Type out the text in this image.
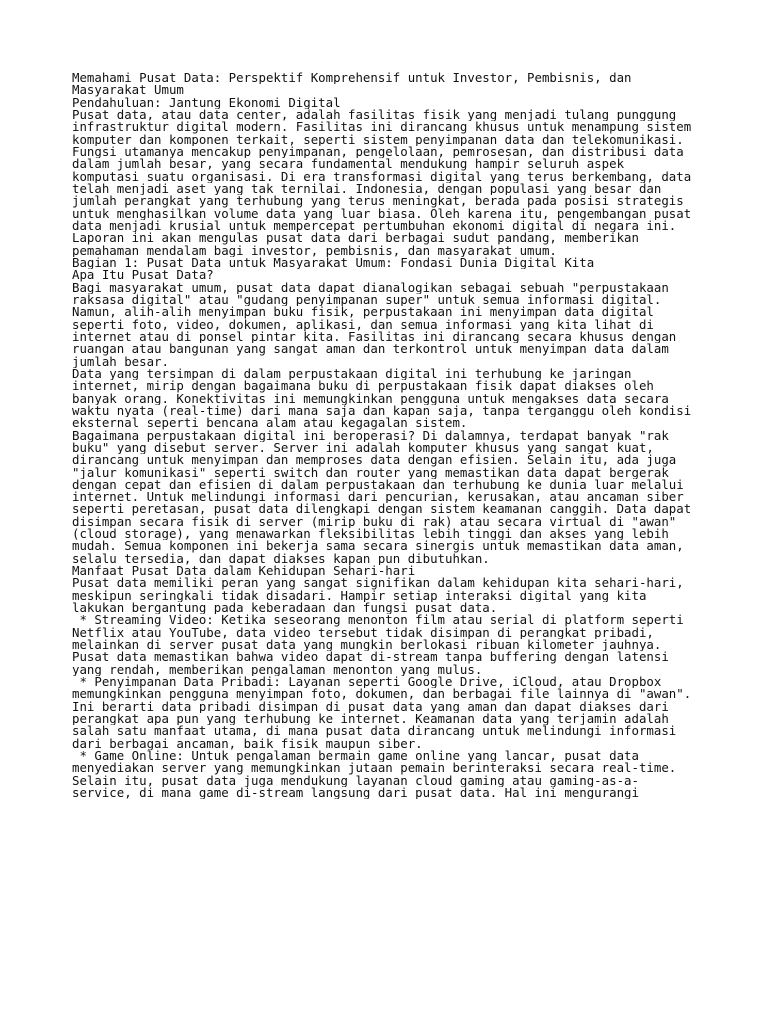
Memahami Pusat Data: Perspektif Komprehensif untuk Investor, Pembisnis, dan
Masyarakat Umum
Pendahuluan: Jantung Ekonomi Digital
Pusat data, atau data center, adalah fasilitas fisik yang menjadi tulang punggung
infrastruktur digital modern. Fasilitas ini dirancang khusus untuk menampung sistem
komputer dan komponen terkait, seperti sistem penyimpanan data dan telekomunikasi.
Fungsi utamanya mencakup penyimpanan, pengelolaan, pemrosesan, dan distribusi data
dalam jumlah besar, yang secara fundamental mendukung hampir seluruh aspek
komputasi suatu organisasi. Di era transformasi digital yang terus berkembang, data
telah menjadi aset yang tak ternilai. Indonesia, dengan populasi yang besar dan
jumlah perangkat yang terhubung yang terus meningkat, berada pada posisi strategis
untuk menghasilkan volume data yang luar biasa. Oleh karena itu, pengembangan pusat
data menjadi krusial untuk mempercepat pertumbuhan ekonomi digital di negara ini.
Laporan ini akan mengulas pusat data dari berbagai sudut pandang, memberikan
pemahaman mendalam bagi investor, pembisnis, dan masyarakat umum.
Bagian 1: Pusat Data untuk Masyarakat Umum: Fondasi Dunia Digital Kita
Apa Itu Pusat Data?
Bagi masyarakat umum, pusat data dapat dianalogikan sebagai sebuah "perpustakaan
raksasa digital" atau "gudang penyimpanan super" untuk semua informasi digital.
Namun, alih-alih menyimpan buku fisik, perpustakaan ini menyimpan data digital
seperti foto, video, dokumen, aplikasi, dan semua informasi yang kita lihat di
internet atau di ponsel pintar kita. Fasilitas ini dirancang secara khusus dengan
ruangan atau bangunan yang sangat aman dan terkontrol untuk menyimpan data dalam
jumlah besar.
Data yang tersimpan di dalam perpustakaan digital ini terhubung ke jaringan
internet, mirip dengan bagaimana buku di perpustakaan fisik dapat diakses oleh
banyak orang. Konektivitas ini memungkinkan pengguna untuk mengakses data secara
waktu nyata (real-time) dari mana saja dan kapan saja, tanpa terganggu oleh kondisi
eksternal seperti bencana alam atau kegagalan sistem.
Bagaimana perpustakaan digital ini beroperasi? Di dalamnya, terdapat banyak "rak
buku" yang disebut server. Server ini adalah komputer khusus yang sangat kuat,
dirancang untuk menyimpan dan memproses data dengan efisien. Selain itu, ada juga
"jalur komunikasi" seperti switch dan router yang memastikan data dapat bergerak
dengan cepat dan efisien di dalam perpustakaan dan terhubung ke dunia luar melalui
internet. Untuk melindungi informasi dari pencurian, kerusakan, atau ancaman siber
seperti peretasan, pusat data dilengkapi dengan sistem keamanan canggih. Data dapat
disimpan secara fisik di server (mirip buku di rak) atau secara virtual di "awan"
(cloud storage), yang menawarkan fleksibilitas lebih tinggi dan akses yang lebih
mudah. Semua komponen ini bekerja sama secara sinergis untuk memastikan data aman,
selalu tersedia, dan dapat diakses kapan pun dibutuhkan.
Manfaat Pusat Data dalam Kehidupan Sehari-hari
Pusat data memiliki peran yang sangat signifikan dalam kehidupan kita sehari-hari,
meskipun seringkali tidak disadari. Hampir setiap interaksi digital yang kita
lakukan bergantung pada keberadaan dan fungsi pusat data.
* Streaming Video: Ketika seseorang menonton film atau serial di platform seperti
Netflix atau YouTube, data video tersebut tidak disimpan di perangkat pribadi,
melainkan di server pusat data yang mungkin berlokasi ribuan kilometer jauhnya.
Pusat data memastikan bahwa video dapat di-stream tanpa buffering dengan latensi
yang rendah, memberikan pengalaman menonton yang mulus.
* Penyimpanan Data Pribadi: Layanan seperti Google Drive, iCloud, atau Dropbox
memungkinkan pengguna menyimpan foto, dokumen, dan berbagai file lainnya di "awan".
Ini berarti data pribadi disimpan di pusat data yang aman dan dapat diakses dari
perangkat apa pun yang terhubung ke internet. Keamanan data yang terjamin adalah
salah satu manfaat utama, di mana pusat data dirancang untuk melindungi informasi
dari berbagai ancaman, baik fisik maupun siber.
* Game Online: Untuk pengalaman bermain game online yang lancar, pusat data
menyediakan server yang memungkinkan jutaan pemain berinteraksi secara real-time.
Selain itu, pusat data juga mendukung layanan cloud gaming atau gaming-as-a-
service, di mana game di-stream langsung dari pusat data. Hal ini mengurangi
